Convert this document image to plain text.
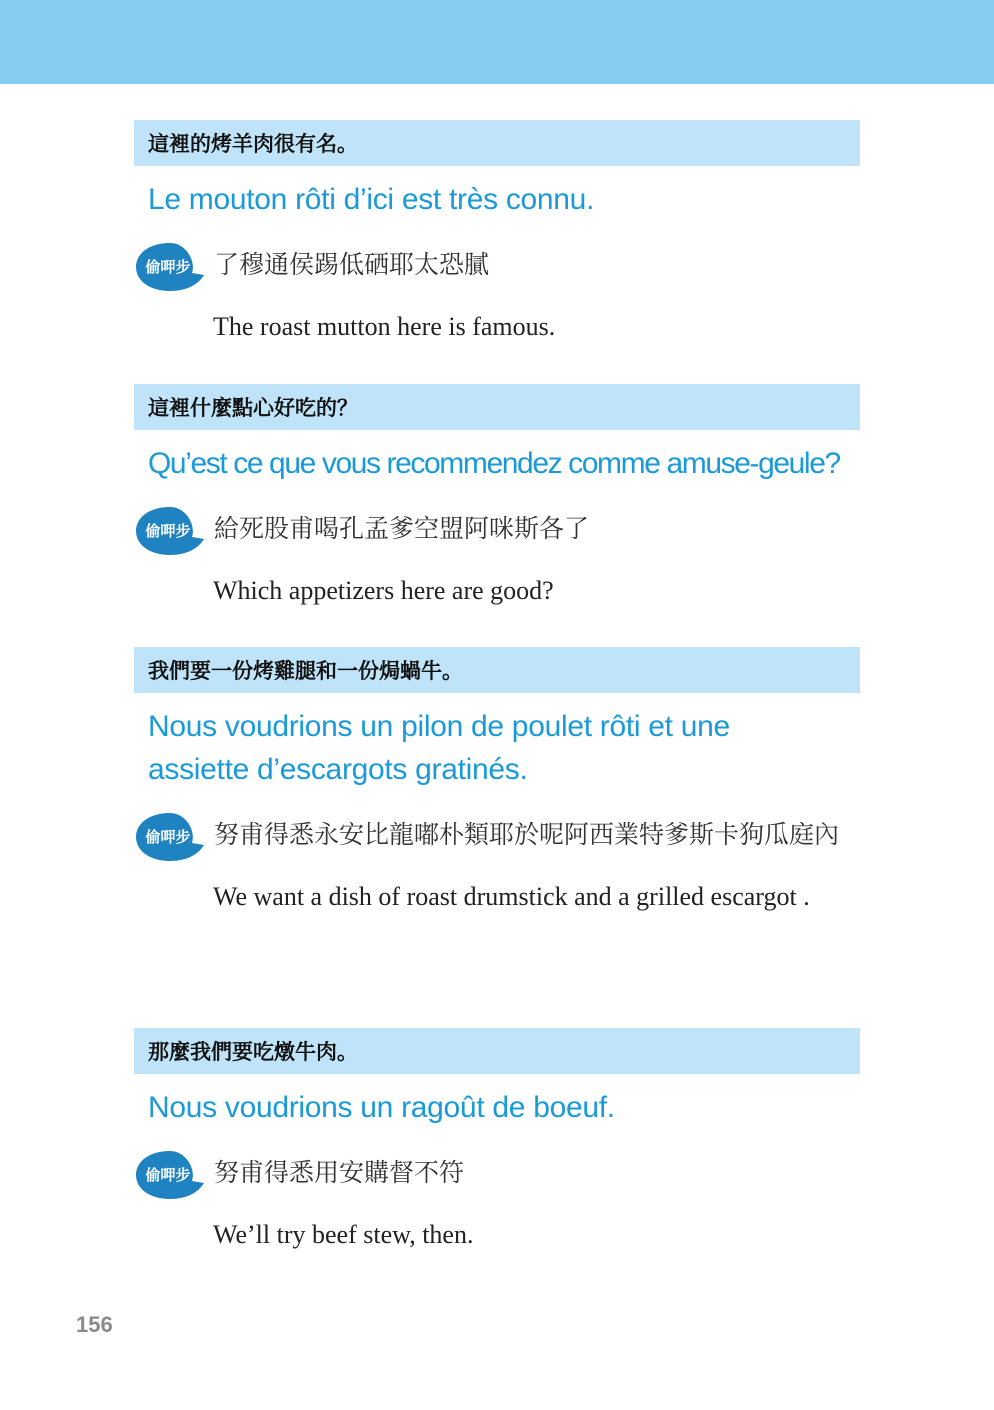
這裡的烤羊肉很有名。
Le mouton rôti d’ici est très connu.
偷呷步 了穆通侯踢低硒耶太恐膩
The roast mutton here is famous.
這裡什麼點心好吃的？
Qu’est ce que vous recommendez comme amuse-geule?
偷呷步 給死股甫喝孔孟爹空盟阿咪斯各了
Which appetizers here are good?
我們要一份烤雞腿和一份焗蝸牛。
Nous voudrions un pilon de poulet rôti et une assiette d’escargots gratinés.
偷呷步 努甫得悉永安比龍嘟朴類耶於呢阿西業特爹斯卡狗瓜庭內
We want a dish of roast drumstick and a grilled escargot .
那麼我們要吃燉牛肉。
Nous voudrions un ragoût de boeuf.
偷呷步 努甫得悉用安購督不符
We’ll try beef stew, then.
156
